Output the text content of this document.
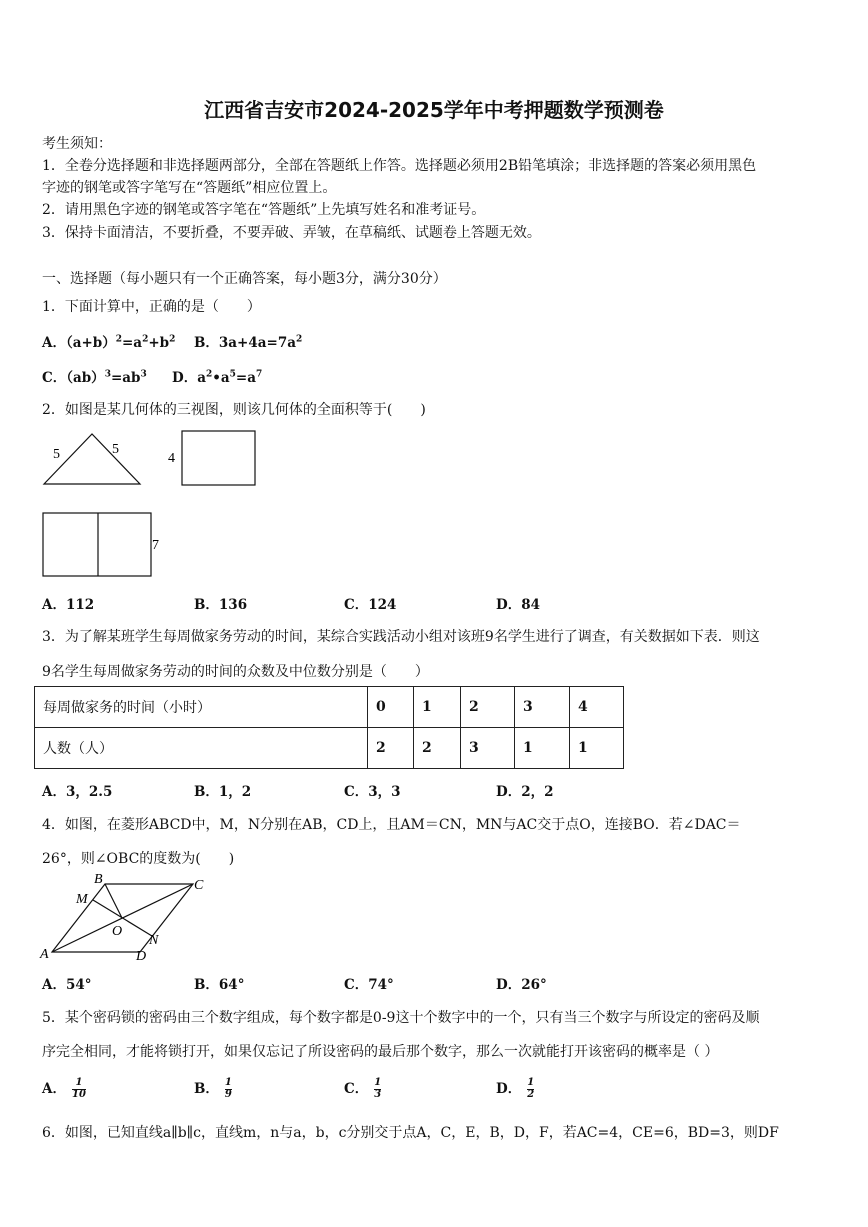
江西省吉安市2024-2025学年中考押题数学预测卷
考生须知：
1．全卷分选择题和非选择题两部分，全部在答题纸上作答。选择题必须用2B铅笔填涂；非选择题的答案必须用黑色
字迹的钢笔或答字笔写在“答题纸”相应位置上。
2．请用黑色字迹的钢笔或答字笔在“答题纸”上先填写姓名和准考证号。
3．保持卡面清洁，不要折叠，不要弄破、弄皱，在草稿纸、试题卷上答题无效。
一、选择题（每小题只有一个正确答案，每小题3分，满分30分）
1．下面计算中，正确的是（　　）
A．$(a+b)^2=a^2+b^2$ B．$3a+4a=7a^2$
C．$(ab)^3=ab^3$ D．$a^2•a^5=a^7$
2．如图是某几何体的三视图，则该几何体的全面积等于(　　)
5	5
4
7
A．112	B．136	C．124	D．84
3．为了解某班学生每周做家务劳动的时间，某综合实践活动小组对该班9名学生进行了调查，有关数据如下表．则这
9名学生每周做家务劳动的时间的众数及中位数分别是（　　）
每周做家务的时间（小时）	0	1	2	3	4
人数（人）	2	2	3	1	1
A．3，2.5	B．1，2	C．3，3	D．2，2
4．如图，在菱形ABCD中，M，N分别在AB，CD上，且AM＝CN，MN与AC交于点O，连接BO．若∠DAC＝
26°，则∠OBC的度数为(　　)
B	C
M
O
N
A	D
A．54°	B．64°	C．74°	D．26°
5．某个密码锁的密码由三个数字组成，每个数字都是0-9这十个数字中的一个，只有当三个数字与所设定的密码及顺
序完全相同，才能将锁打开，如果仅忘记了所设密码的最后那个数字，那么一次就能打开该密码的概率是（ ）
A． $\frac{1}{10}$	B． $\frac{1}{9}$	C． $\frac{1}{3}$	D． $\frac{1}{2}$
6．如图，已知直线a∥b∥c，直线m，n与a，b，c分别交于点A，C，E，B，D，F，若AC=4，CE=6，BD=3，则DF
